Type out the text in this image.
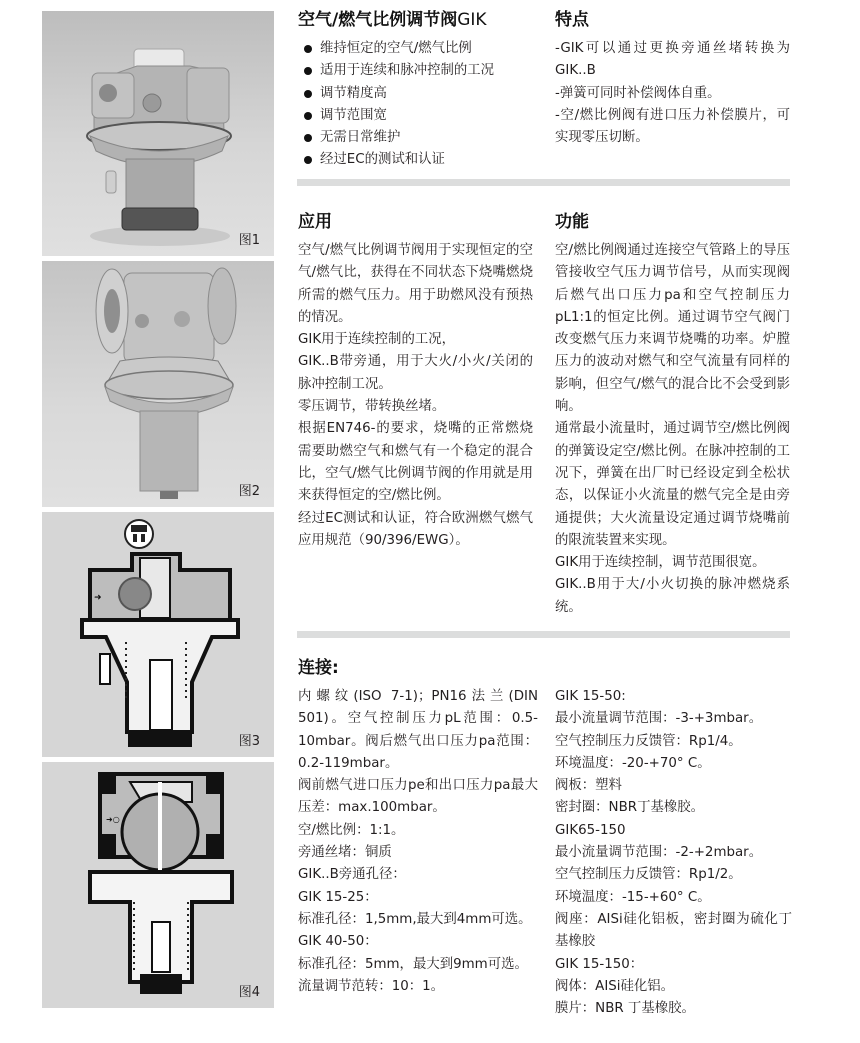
图1
图2
➜
图3
➜○
图4
空气/燃气比例调节阀GIK
维持恒定的空气/燃气比例
适用于连续和脉冲控制的工况
调节精度高
调节范围宽
无需日常维护
经过EC的测试和认证
特点

-GIK可以通过更换旁通丝堵转换为GIK..B

-弹簧可同时补偿阀体自重。

-空/燃比例阀有进口压力补偿膜片，可实现零压切断。

应用

空气/燃气比例调节阀用于实现恒定的空气/燃气比，获得在不同状态下烧嘴燃烧所需的燃气压力。用于助燃风没有预热的情况。

GIK用于连续控制的工况，

GIK..B带旁通，用于大火/小火/关闭的脉冲控制工况。

零压调节，带转换丝堵。

根据EN746-的要求，烧嘴的正常燃烧需要助燃空气和燃气有一个稳定的混合比，空气/燃气比例调节阀的作用就是用来获得恒定的空/燃比例。

经过EC测试和认证，符合欧洲燃气燃气应用规范（90/396/EWG）。

功能

空/燃比例阀通过连接空气管路上的导压管接收空气压力调节信号，从而实现阀后燃气出口压力pa和空气控制压力pL1:1的恒定比例。通过调节空气阀门改变燃气压力来调节烧嘴的功率。炉膛压力的波动对燃气和空气流量有同样的影响，但空气/燃气的混合比不会受到影响。

通常最小流量时，通过调节空/燃比例阀的弹簧设定空/燃比例。在脉冲控制的工况下，弹簧在出厂时已经设定到全松状态，以保证小火流量的燃气完全是由旁通提供；大火流量设定通过调节烧嘴前的限流装置来实现。

GIK用于连续控制，调节范围很宽。

GIK..B用于大/小火切换的脉冲燃烧系统。

连接:

内螺纹(ISO 7-1)；PN16法兰(DIN 501)。空气控制压力pL范围：0.5-10mbar。阀后燃气出口压力pa范围：0.2-119mbar。

阀前燃气进口压力pe和出口压力pa最大压差：max.100mbar。

空/燃比例：1:1。

旁通丝堵：铜质

GIK..B旁通孔径：

GIK 15-25：

标准孔径：1,5mm,最大到4mm可选。

GIK 40-50：

标准孔径：5mm，最大到9mm可选。

流量调节范转：10：1。

GIK 15-50:

最小流量调节范围：-3-+3mbar。

空气控制压力反馈管：Rp1/4。

环境温度：-20-+70° C。

阀板：塑料

密封圈：NBR丁基橡胶。

GIK65-150

最小流量调节范围：-2-+2mbar。

空气控制压力反馈管：Rp1/2。

环境温度：-15-+60° C。

阀座：AISi硅化铝板，密封圈为硫化丁基橡胶

GIK 15-150：

阀体：AISi硅化铝。

膜片：NBR 丁基橡胶。
